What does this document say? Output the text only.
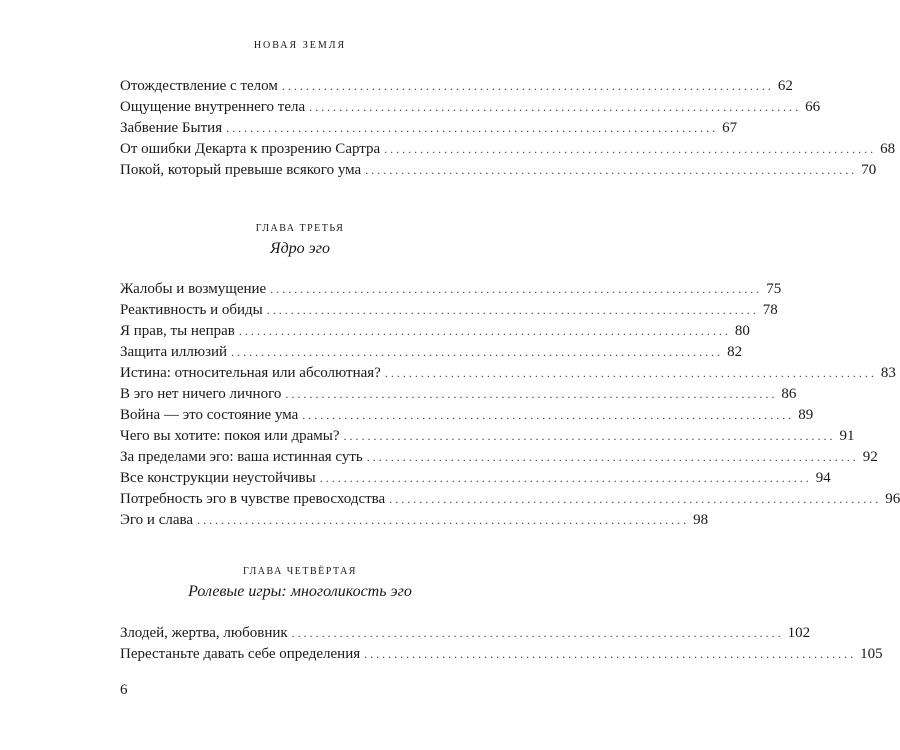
НОВАЯ ЗЕМЛЯ
Отождествление с телом .................................................................................. 62
Ощущение внутреннего тела .................................................................................. 66
Забвение Бытия .................................................................................. 67
От ошибки Декарта к прозрению Сартра .................................................................................. 68
Покой, который превыше всякого ума .................................................................................. 70
ГЛАВА ТРЕТЬЯ
Ядро эго
Жалобы и возмущение .................................................................................. 75
Реактивность и обиды .................................................................................. 78
Я прав, ты неправ .................................................................................. 80
Защита иллюзий .................................................................................. 82
Истина: относительная или абсолютная? .................................................................................. 83
В эго нет ничего личного .................................................................................. 86
Война — это состояние ума .................................................................................. 89
Чего вы хотите: покоя или драмы? .................................................................................. 91
За пределами эго: ваша истинная суть .................................................................................. 92
Все конструкции неустойчивы .................................................................................. 94
Потребность эго в чувстве превосходства .................................................................................. 96
Эго и слава .................................................................................. 98
ГЛАВА ЧЕТВЁРТАЯ
Ролевые игры: многоликость эго
Злодей, жертва, любовник .................................................................................. 102
Перестаньте давать себе определения .................................................................................. 105
6
